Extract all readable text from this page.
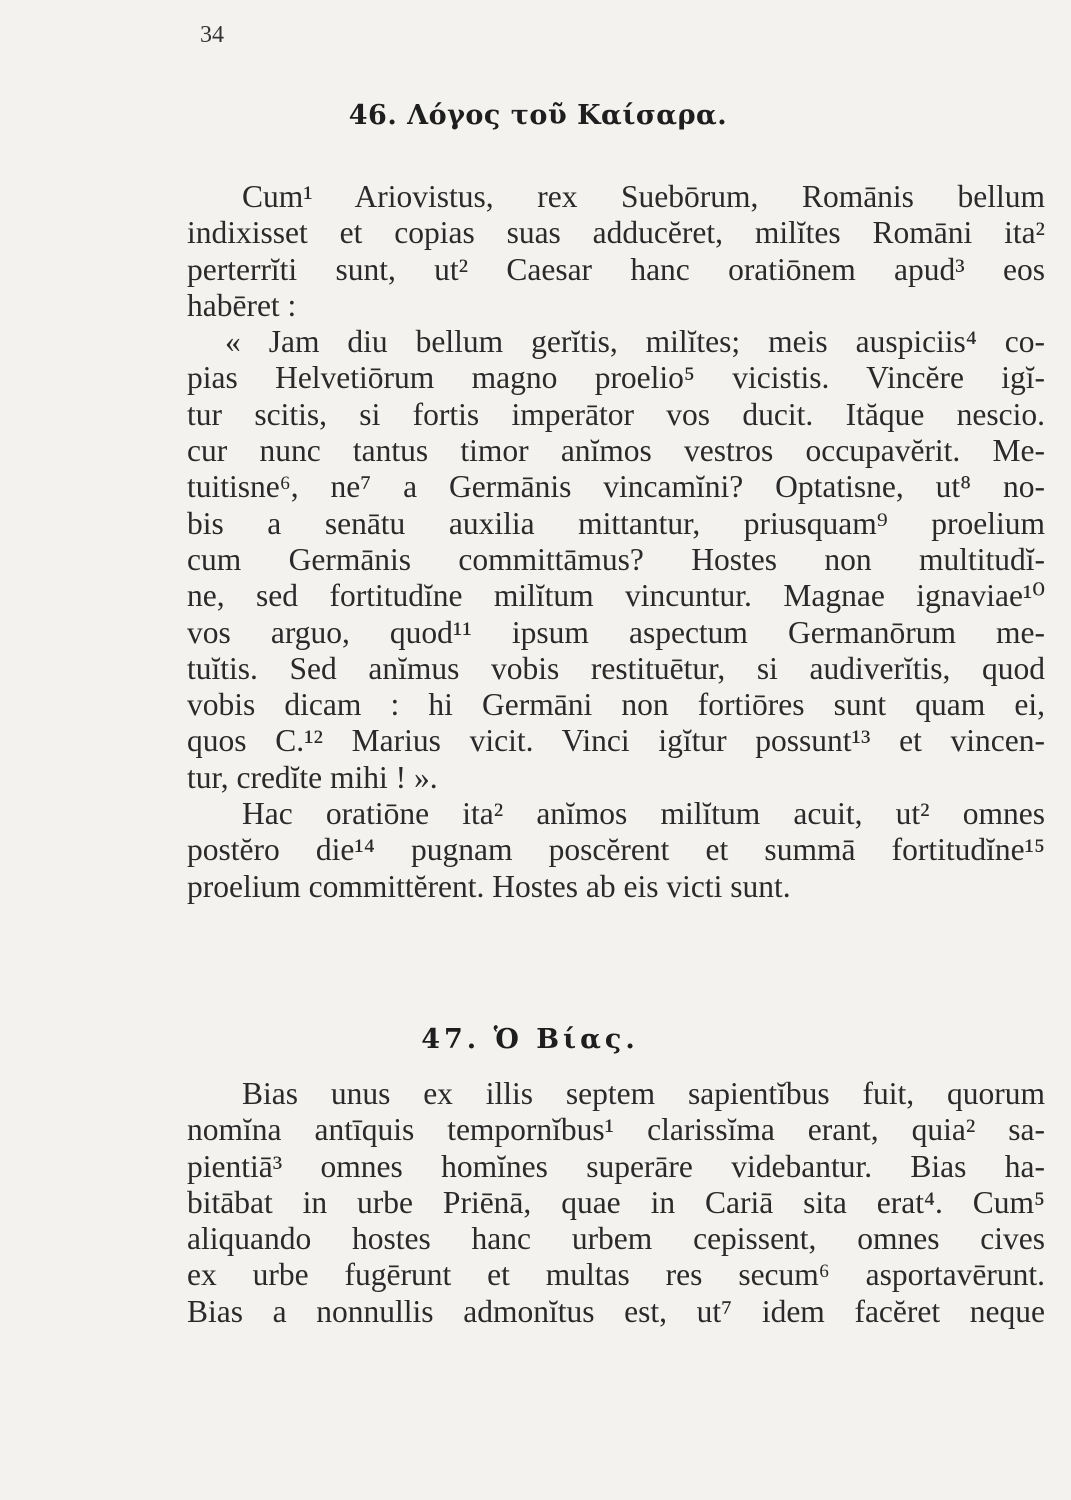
34
46. Λόγος τοῦ Καίσαρα.
Cum¹ Ariovistus, rex Suebōrum, Romānis bellum
indixisset et copias suas adducĕret, milĭtes Romāni ita²
perterrĭti sunt, ut² Caesar hanc oratiōnem apud³ eos
habēret :
« Jam diu bellum gerĭtis, milĭtes; meis auspiciis⁴ co-
pias Helvetiōrum magno proelio⁵ vicistis. Vincĕre igĭ-
tur scitis, si fortis imperātor vos ducit. Ităque nescio.
cur nunc tantus timor anĭmos vestros occupavĕrit. Me-
tuitisne⁶, ne⁷ a Germānis vincamĭni? Optatisne, ut⁸ no-
bis a senātu auxilia mittantur, priusquam⁹ proelium
cum Germānis committāmus? Hostes non multitudĭ-
ne, sed fortitudĭne milĭtum vincuntur. Magnae ignaviae¹⁰
vos arguo, quod¹¹ ipsum aspectum Germanōrum me-
tuĭtis. Sed anĭmus vobis restituētur, si audiverĭtis, quod
vobis dicam : hi Germāni non fortiōres sunt quam ei,
quos C.¹² Marius vicit. Vinci igĭtur possunt¹³ et vincen-
tur, credĭte mihi ! ».
Hac oratiōne ita² anĭmos milĭtum acuit, ut² omnes
postĕro die¹⁴ pugnam poscĕrent et summā fortitudĭne¹⁵
proelium committĕrent. Hostes ab eis victi sunt.
47. Ὁ Βίας.
Bias unus ex illis septem sapientĭbus fuit, quorum
nomĭna antīquis tempornĭbus¹ clarissĭma erant, quia² sa-
pientiā³ omnes homĭnes superāre videbantur. Bias ha-
bitābat in urbe Priēnā, quae in Cariā sita erat⁴. Cum⁵
aliquando hostes hanc urbem cepissent, omnes cives
ex urbe fugērunt et multas res secum⁶ asportavērunt.
Bias a nonnullis admonĭtus est, ut⁷ idem facĕret neque
